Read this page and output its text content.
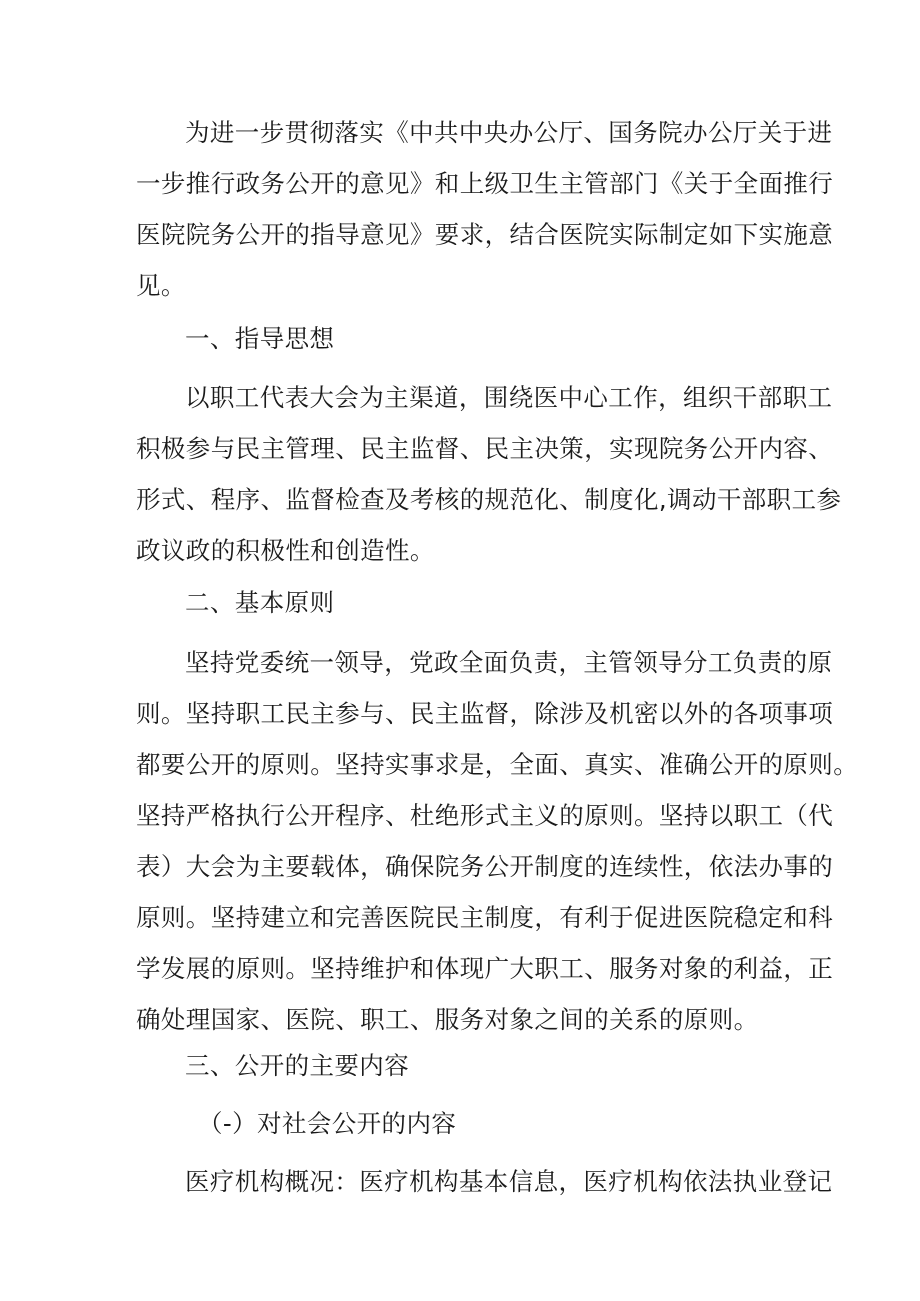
为进一步贯彻落实《中共中央办公厅、国务院办公厅关于进
一步推行政务公开的意见》和上级卫生主管部门《关于全面推行
医院院务公开的指导意见》要求，结合医院实际制定如下实施意
见。
一、指导思想
以职工代表大会为主渠道，围绕医中心工作，组织干部职工
积极参与民主管理、民主监督、民主决策，实现院务公开内容、
形式、程序、监督检查及考核的规范化、制度化,调动干部职工参
政议政的积极性和创造性。
二、基本原则
坚持党委统一领导，党政全面负责，主管领导分工负责的原
则。坚持职工民主参与、民主监督，除涉及机密以外的各项事项
都要公开的原则。坚持实事求是，全面、真实、准确公开的原则。
坚持严格执行公开程序、杜绝形式主义的原则。坚持以职工（代
表）大会为主要载体，确保院务公开制度的连续性，依法办事的
原则。坚持建立和完善医院民主制度，有利于促进医院稳定和科
学发展的原则。坚持维护和体现广大职工、服务对象的利益，正
确处理国家、医院、职工、服务对象之间的关系的原则。
三、公开的主要内容
（-）对社会公开的内容
医疗机构概况：医疗机构基本信息，医疗机构依法执业登记
